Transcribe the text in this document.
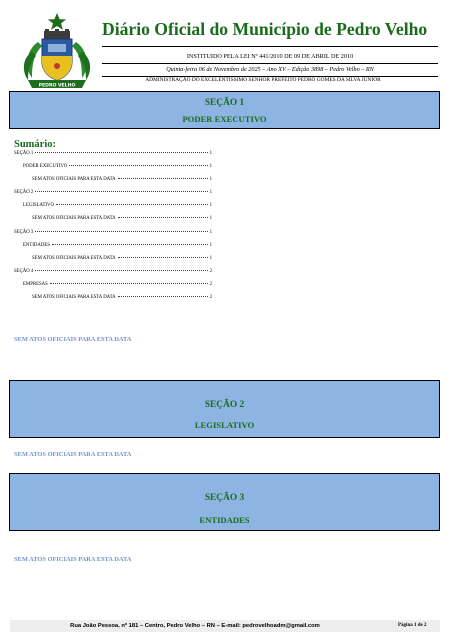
PEDRO VELHO
Diário Oficial do Município de Pedro Velho
INSTITUIDO PELA LEI Nº 441/2010 DE 09 DE ABRIL DE 2010
Quinta-feira 06 de Novembro de 2025 – Ano XV – Edição 3898 – Pedro Velho – RN
ADMINISTRAÇÃO DO EXCELENTISSIMO SENHOR PREFEITO PEDRO GOMES DA SILVA JUNIOR
SEÇÃO 1
PODER EXECUTIVO
Sumário:
SEÇÃO 1	1
PODER EXECUTIVO	1
SEM ATOS OFICIAIS PARA ESTA DATA	1
SEÇÃO 2	1
LEGISLATIVO	1
SEM ATOS OFICIAIS PARA ESTA DATA	1
SEÇÃO 3	1
ENTIDADES	1
SEM ATOS OFICIAIS PARA ESTA DATA	1
SEÇÃO 4	2
EMPRESAS	2
SEM ATOS OFICIAIS PARA ESTA DATA	2
SEM ATOS OFICIAIS PARA ESTA DATA
SEÇÃO 2
LEGISLATIVO
SEM ATOS OFICIAIS PARA ESTA DATA
SEÇÃO 3
ENTIDADES
SEM ATOS OFICIAIS PARA ESTA DATA
Rua João Pessoa, nº 181 – Centro, Pedro Velho – RN – E-mail: pedrovelhoadm@gmail.com	Página 1 de 2
